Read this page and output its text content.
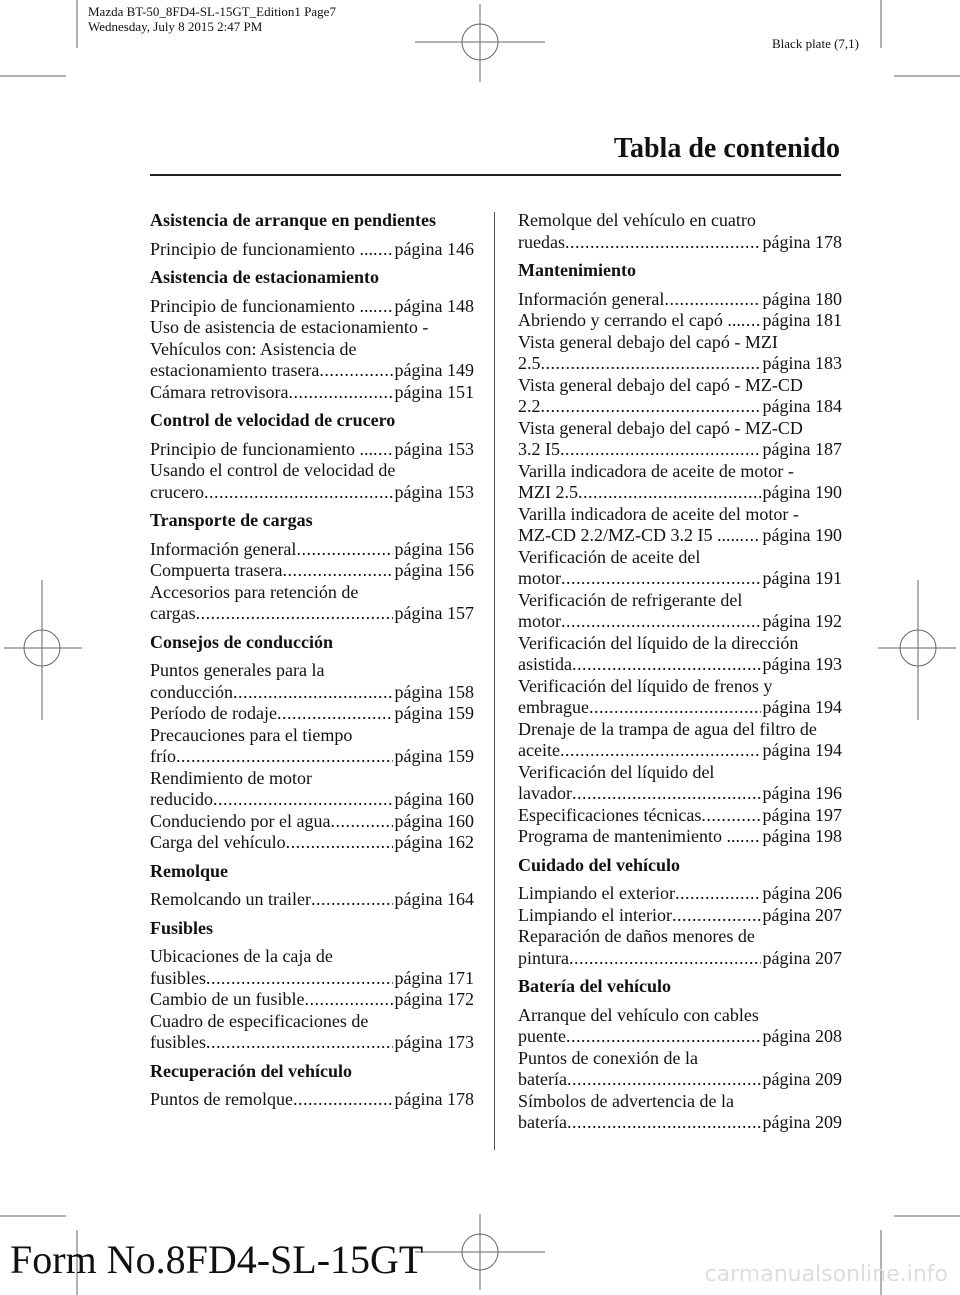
Mazda BT-50_8FD4-SL-15GT_Edition1 Page7
Wednesday, July 8 2015 2:47 PM
Black plate (7,1)
Tabla de contenido
Asistencia de arranque en pendientes
Principio de funcionamiento ... ..... página 146
Asistencia de estacionamiento
Principio de funcionamiento ... ..... página 148
Uso de asistencia de estacionamiento -
Vehículos con: Asistencia de
estacionamiento trasera .....	página 149
Cámara retrovisora .....	página 151
Control de velocidad de crucero
Principio de funcionamiento ... ..... página 153
Usando el control de velocidad de
crucero .....	página 153
Transporte de cargas
Información general .....	página 156
Compuerta trasera .....	página 156
Accesorios para retención de
cargas .....	página 157
Consejos de conducción
Puntos generales para la
conducción .....	página 158
Período de rodaje .....	página 159
Precauciones para el tiempo
frío .....	página 159
Rendimiento de motor
reducido .....	página 160
Conduciendo por el agua .....	página 160
Carga del vehículo .....	página 162
Remolque
Remolcando un trailer .....	página 164
Fusibles
Ubicaciones de la caja de
fusibles .....	página 171
Cambio de un fusible .....	página 172
Cuadro de especificaciones de
fusibles .....	página 173
Recuperación del vehículo
Puntos de remolque .....	página 178
Remolque del vehículo en cuatro
ruedas .....	página 178
Mantenimiento
Información general .....	página 180
Abriendo y cerrando el capó ... ..... página 181
Vista general debajo del capó - MZI
2.5 .....	página 183
Vista general debajo del capó - MZ-CD
2.2 .....	página 184
Vista general debajo del capó - MZ-CD
3.2 I5 .....	página 187
Varilla indicadora de aceite de motor -
MZI 2.5 .....	página 190
Varilla indicadora de aceite del motor -
MZ-CD 2.2/MZ-CD 3.2 I5 ..... ..... página 190
Verificación de aceite del
motor .....	página 191
Verificación de refrigerante del
motor .....	página 192
Verificación del líquido de la dirección
asistida .....	página 193
Verificación del líquido de frenos y
embrague .....	página 194
Drenaje de la trampa de agua del filtro de
aceite .....	página 194
Verificación del líquido del
lavador .....	página 196
Especificaciones técnicas .....	página 197
Programa de mantenimiento ... ..... página 198
Cuidado del vehículo
Limpiando el exterior .....	página 206
Limpiando el interior .....	página 207
Reparación de daños menores de
pintura .....	página 207
Batería del vehículo
Arranque del vehículo con cables
puente .....	página 208
Puntos de conexión de la
batería .....	página 209
Símbolos de advertencia de la
batería .....	página 209
Form No.8FD4-SL-15GT	carmanualsonline.info
